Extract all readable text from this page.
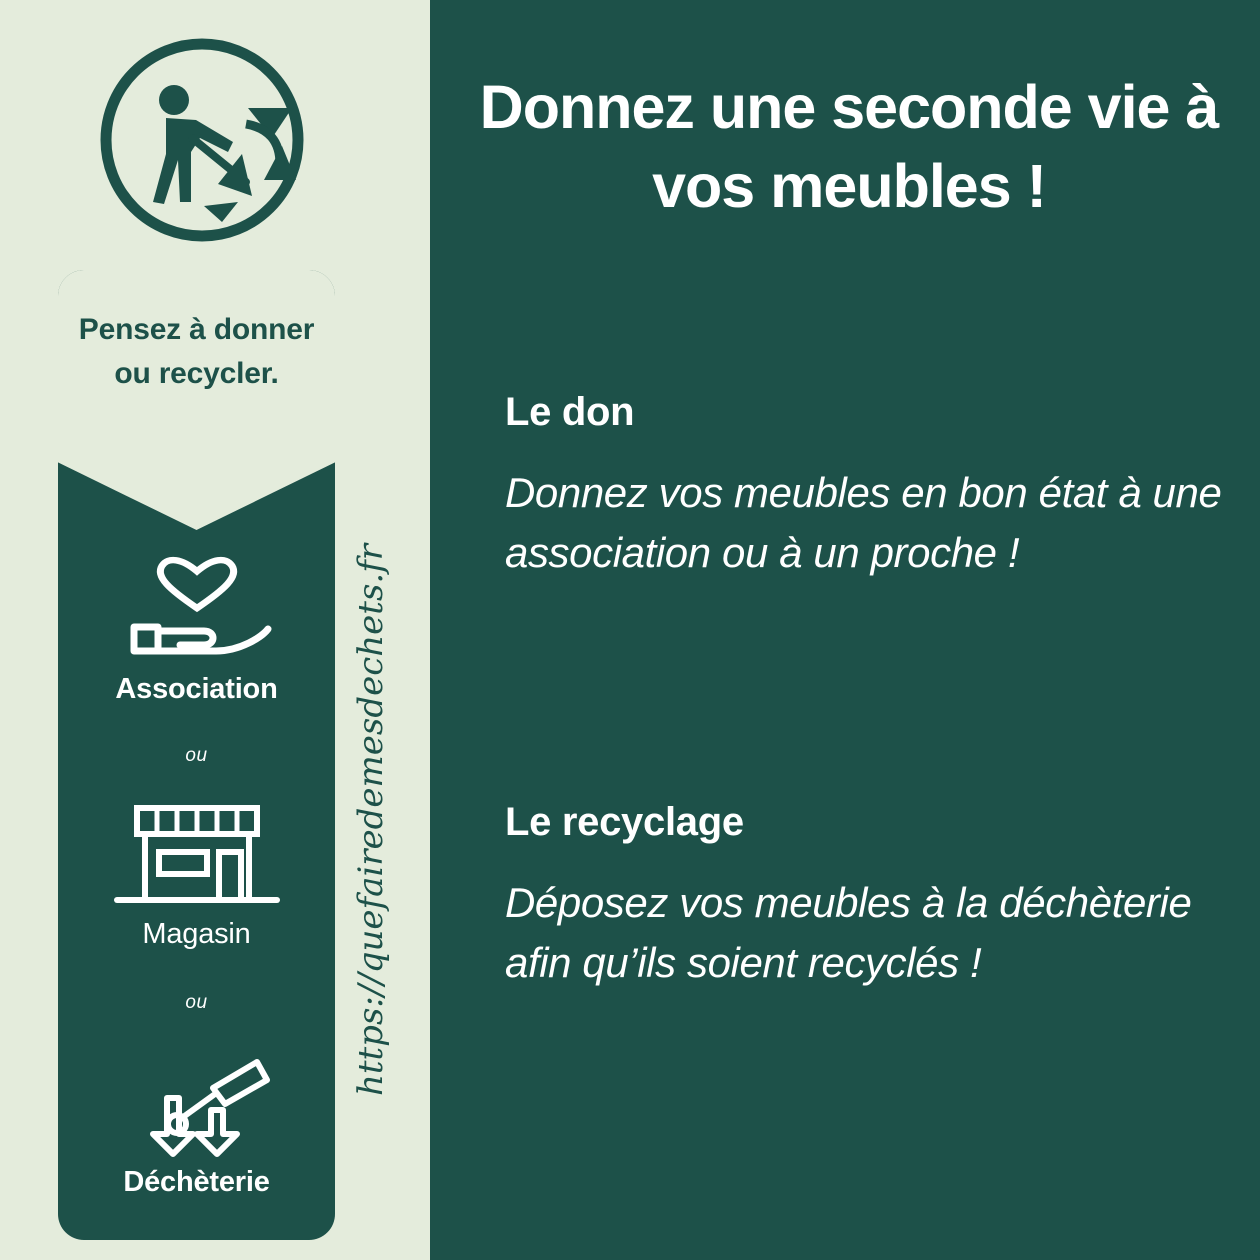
Pensez à donner ou recycler.
Association
ou
Magasin
ou
Déchèterie
https://quefairedemesdechets.fr
Donnez une seconde vie à vos meubles !
Le don
Donnez vos meubles en bon état à une association ou à un proche !
Le recyclage
Déposez vos meubles à la déchèterie afin qu’ils soient recyclés !
